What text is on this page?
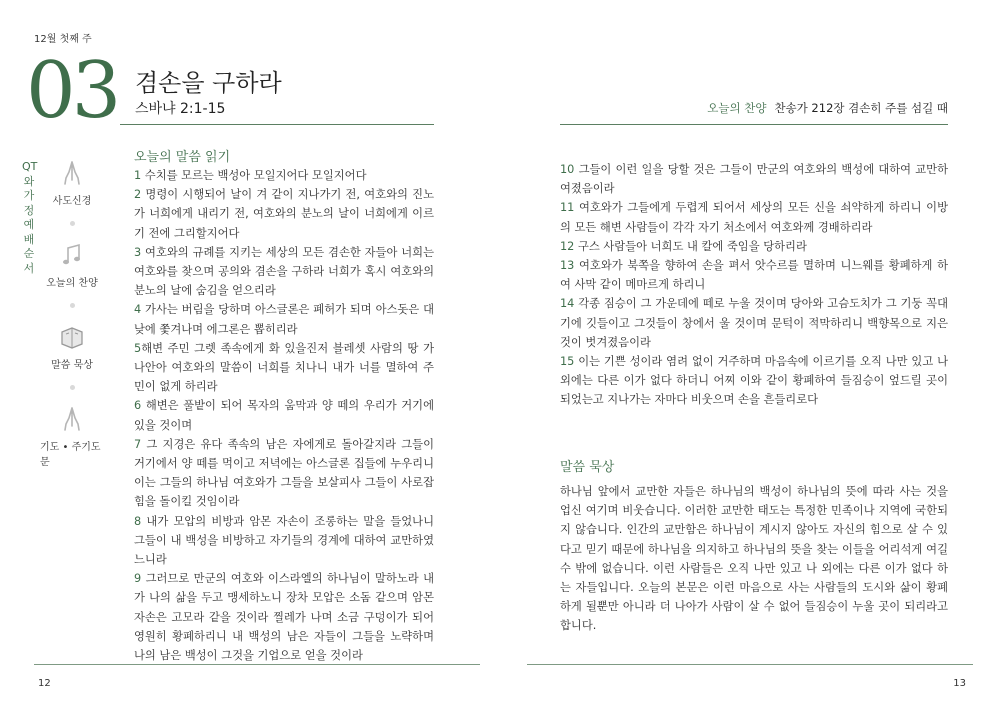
12월 첫째 주
03 겸손을 구하라
스바냐 2:1-15	오늘의 찬양 찬송가 212장 겸손히 주를 섬길 때
QT와 가정예배 순서
사도신경
오늘의 찬양
말씀 묵상
기도 • 주기도문
오늘의 말씀 읽기
1 수치를 모르는 백성아 모일지어다 모일지어다
2 명령이 시행되어 날이 겨 같이 지나가기 전, 여호와의 진노가 너희에게 내리기 전, 여호와의 분노의 날이 너희에게 이르기 전에 그리할지어다
3 여호와의 규례를 지키는 세상의 모든 겸손한 자들아 너희는 여호와를 찾으며 공의와 겸손을 구하라 너희가 혹시 여호와의 분노의 날에 숨김을 얻으리라
4 가사는 버림을 당하며 아스글론은 폐허가 되며 아스돗은 대낮에 쫓겨나며 에그론은 뽑히리라
5해변 주민 그렛 족속에게 화 있을진저 블레셋 사람의 땅 가나안아 여호와의 말씀이 너희를 치나니 내가 너를 멸하여 주민이 없게 하리라
6 해변은 풀밭이 되어 목자의 움막과 양 떼의 우리가 거기에 있을 것이며
7 그 지경은 유다 족속의 남은 자에게로 돌아갈지라 그들이 거기에서 양 떼를 먹이고 저녁에는 아스글론 집들에 누우리니 이는 그들의 하나님 여호와가 그들을 보살피사 그들이 사로잡힘을 돌이킬 것임이라
8 내가 모압의 비방과 암몬 자손이 조롱하는 말을 들었나니 그들이 내 백성을 비방하고 자기들의 경계에 대하여 교만하였느니라
9 그러므로 만군의 여호와 이스라엘의 하나님이 말하노라 내가 나의 삶을 두고 맹세하노니 장차 모압은 소돔 같으며 암몬 자손은 고모라 같을 것이라 찔레가 나며 소금 구덩이가 되어 영원히 황폐하리니 내 백성의 남은 자들이 그들을 노략하며 나의 남은 백성이 그것을 기업으로 얻을 것이라
10 그들이 이런 일을 당할 것은 그들이 만군의 여호와의 백성에 대하여 교만하여졌음이라
11 여호와가 그들에게 두렵게 되어서 세상의 모든 신을 쇠약하게 하리니 이방의 모든 해변 사람들이 각각 자기 처소에서 여호와께 경배하리라
12 구스 사람들아 너희도 내 칼에 죽임을 당하리라
13 여호와가 북쪽을 향하여 손을 펴서 앗수르를 멸하며 니느웨를 황폐하게 하여 사막 같이 메마르게 하리니
14 각종 짐승이 그 가운데에 떼로 누울 것이며 당아와 고슴도치가 그 기둥 꼭대기에 깃들이고 그것들이 창에서 울 것이며 문턱이 적막하리니 백향목으로 지은 것이 벗겨졌음이라
15 이는 기쁜 성이라 염려 없이 거주하며 마음속에 이르기를 오직 나만 있고 나 외에는 다른 이가 없다 하더니 어찌 이와 같이 황폐하여 들짐승이 엎드릴 곳이 되었는고 지나가는 자마다 비웃으며 손을 흔들리로다
말씀 묵상
하나님 앞에서 교만한 자들은 하나님의 백성이 하나님의 뜻에 따라 사는 것을 업신 여기며 비웃습니다. 이러한 교만한 태도는 특정한 민족이나 지역에 국한되지 않습니다. 인간의 교만함은 하나님이 계시지 않아도 자신의 힘으로 살 수 있다고 믿기 때문에 하나님을 의지하고 하나님의 뜻을 찾는 이들을 어리석게 여길 수 밖에 없습니다. 이런 사람들은 오직 나만 있고 나 외에는 다른 이가 없다 하는 자들입니다. 오늘의 본문은 이런 마음으로 사는 사람들의 도시와 삶이 황폐하게 될뿐만 아니라 더 나아가 사람이 살 수 없어 들짐승이 누울 곳이 되리라고 합니다.
12	13
